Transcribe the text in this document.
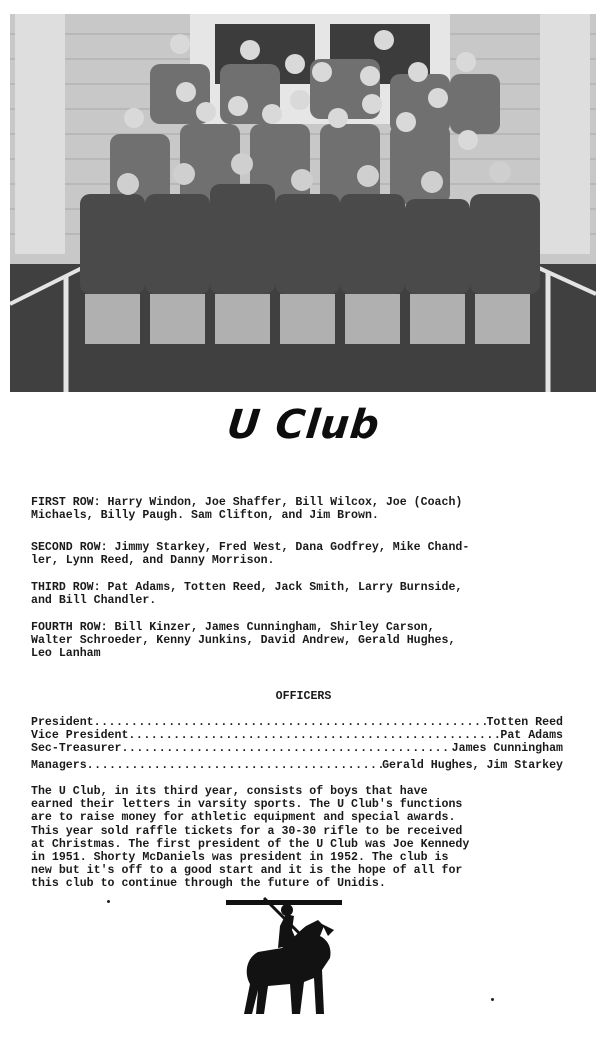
U Club
FIRST ROW: Harry Windon, Joe Shaffer, Bill Wilcox, Joe (Coach)
Michaels, Billy Paugh. Sam Clifton, and Jim Brown.
SECOND ROW: Jimmy Starkey, Fred West, Dana Godfrey, Mike Chand-
ler, Lynn Reed, and Danny Morrison.
THIRD ROW: Pat Adams, Totten Reed, Jack Smith, Larry Burnside,
and Bill Chandler.
FOURTH ROW: Bill Kinzer, James Cunningham, Shirley Carson,
Walter Schroeder, Kenny Junkins, David Andrew, Gerald Hughes,
Leo Lanham
OFFICERS
President .....	Totten Reed
Vice President .....	Pat Adams
Sec-Treasurer .....	James Cunningham
Managers .....	Gerald Hughes, Jim Starkey
The U Club, in its third year, consists of boys that have
earned their letters in varsity sports. The U Club's functions
are to raise money for athletic equipment and special awards.
This year sold raffle tickets for a 30-30 rifle to be received
at Christmas. The first president of the U Club was Joe Kennedy
in 1951. Shorty McDaniels was president in 1952. The club is
new but it's off to a good start and it is the hope of all for
this club to continue through the future of Unidis.
